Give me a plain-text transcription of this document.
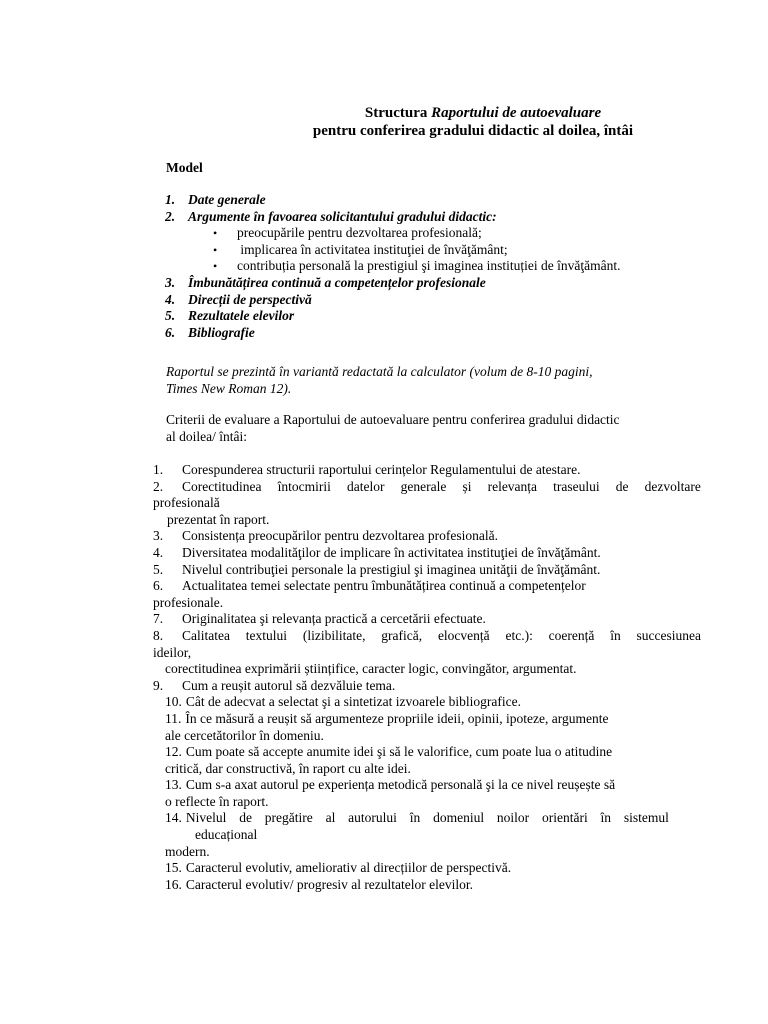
Structura Raportului de autoevaluare
pentru conferirea gradului didactic al doilea, întâi
Model
1. Date generale
2. Argumente în favoarea solicitantului gradului didactic:
•	preocupările pentru dezvoltarea profesională;
•	implicarea în activitatea instituţiei de învăţământ;
•	contribuția personală la prestigiul şi imaginea instituției de învăţământ.
3. Îmbunătățirea continuă a competențelor profesionale
4. Direcții de perspectivă
5. Rezultatele elevilor
6. Bibliografie
Raportul se prezintă în variantă redactată la calculator (volum de 8-10 pagini,
Times New Roman 12).
Criterii de evaluare a Raportului de autoevaluare pentru conferirea gradului didactic
al doilea/ întâi:
1. Corespunderea structurii raportului cerințelor Regulamentului de atestare.
2. Corectitudinea întocmirii datelor generale și relevanța traseului de dezvoltare
profesională
prezentat în raport.
3. Consistența preocupărilor pentru dezvoltarea profesională.
4. Diversitatea modalităţilor de implicare în activitatea instituţiei de învăţământ.
5. Nivelul contribuţiei personale la prestigiul şi imaginea unităţii de învăţământ.
6. Actualitatea temei selectate pentru îmbunătățirea continuă a competențelor
profesionale.
7. Originalitatea şi relevanța practică a cercetării efectuate.
8. Calitatea textului (lizibilitate, grafică, elocvență etc.): coerență în succesiunea
ideilor,
corectitudinea exprimării științifice, caracter logic, convingător, argumentat.
9. Cum a reușit autorul să dezvăluie tema.
10. Cât de adecvat a selectat şi a sintetizat izvoarele bibliografice.
11. În ce măsură a reușit să argumenteze propriile ideii, opinii, ipoteze, argumente
ale cercetătorilor în domeniu.
12. Cum poate să accepte anumite idei şi să le valorifice, cum poate lua o atitudine
critică, dar constructivă, în raport cu alte idei.
13. Cum s-a axat autorul pe experiența metodică personală şi la ce nivel reușește să
o reflecte în raport.
14. Nivelul de pregătire al autorului în domeniul noilor orientări în sistemul
educațional
modern.
15. Caracterul evolutiv, ameliorativ al direcțiilor de perspectivă.
16. Caracterul evolutiv/ progresiv al rezultatelor elevilor.
